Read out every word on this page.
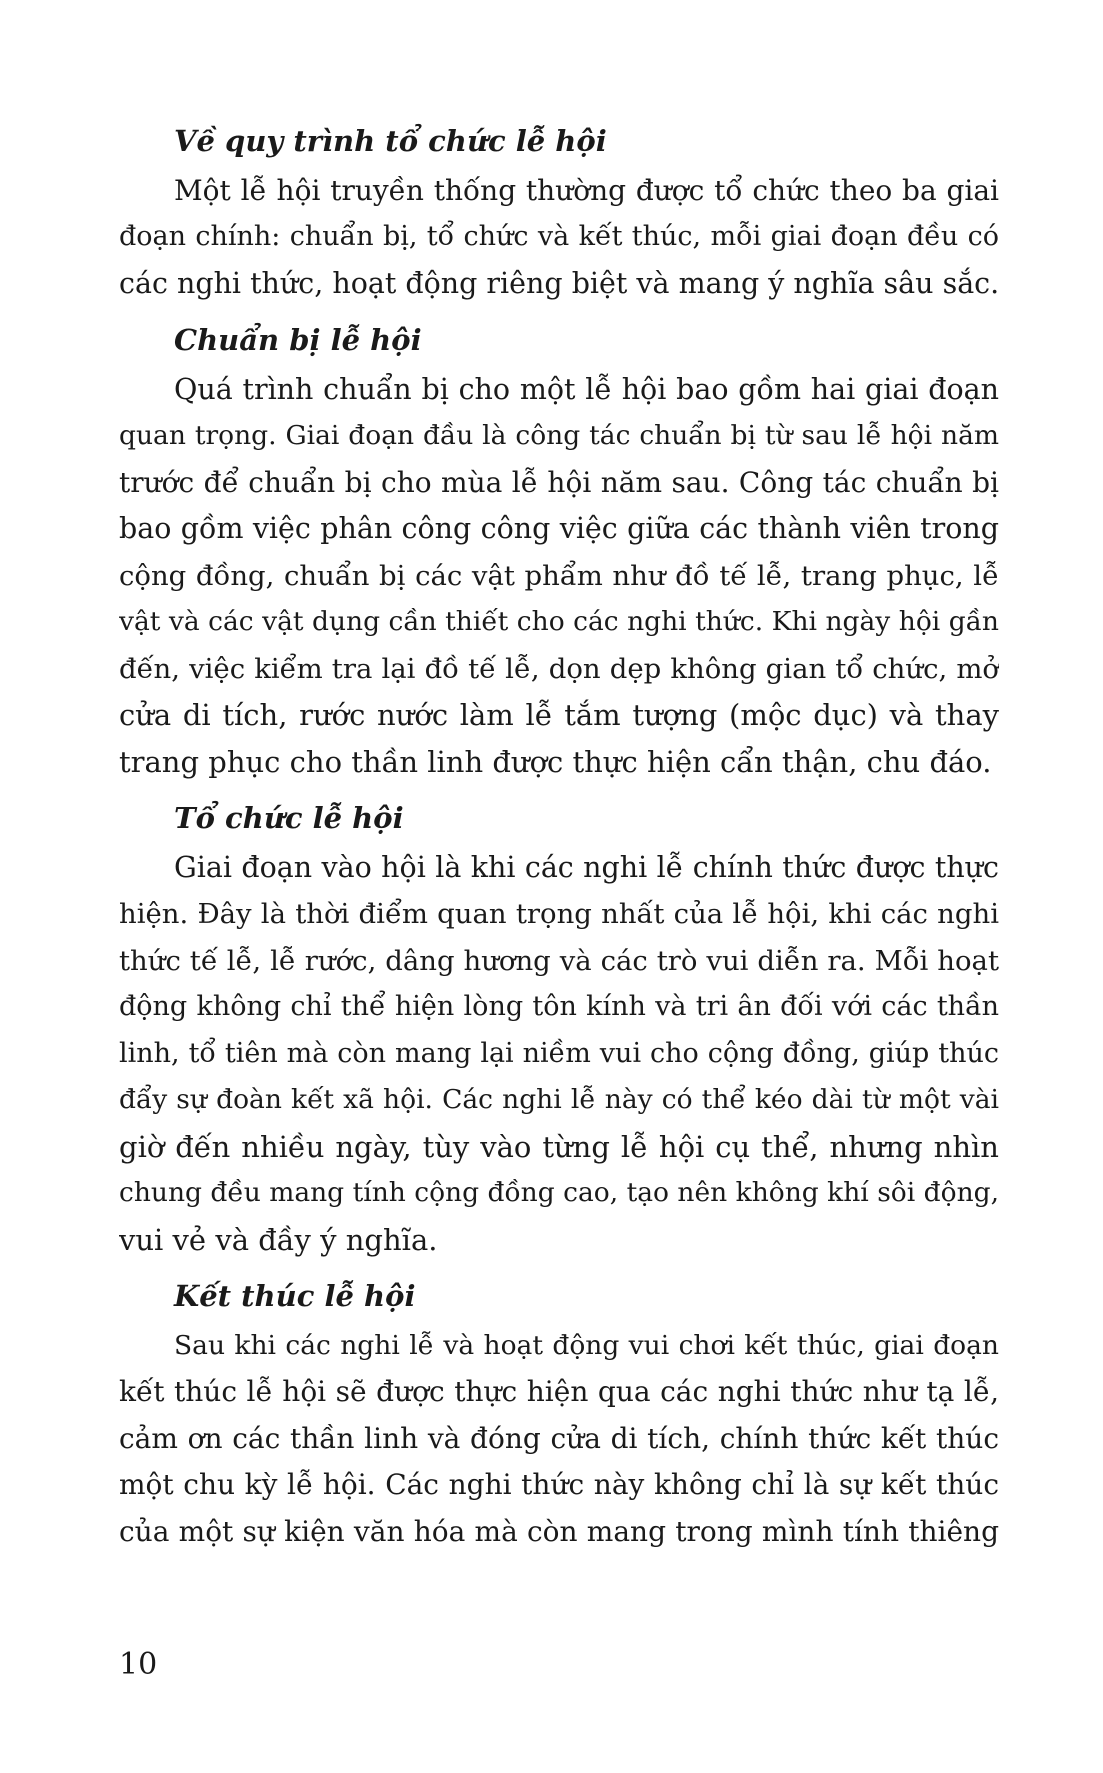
Về quy trình tổ chức lễ hội
Một lễ hội truyền thống thường được tổ chức theo ba giai
đoạn chính: chuẩn bị, tổ chức và kết thúc, mỗi giai đoạn đều có
các nghi thức, hoạt động riêng biệt và mang ý nghĩa sâu sắc.
Chuẩn bị lễ hội
Quá trình chuẩn bị cho một lễ hội bao gồm hai giai đoạn
quan trọng. Giai đoạn đầu là công tác chuẩn bị từ sau lễ hội năm
trước để chuẩn bị cho mùa lễ hội năm sau. Công tác chuẩn bị
bao gồm việc phân công công việc giữa các thành viên trong
cộng đồng, chuẩn bị các vật phẩm như đồ tế lễ, trang phục, lễ
vật và các vật dụng cần thiết cho các nghi thức. Khi ngày hội gần
đến, việc kiểm tra lại đồ tế lễ, dọn dẹp không gian tổ chức, mở
cửa di tích, rước nước làm lễ tắm tượng (mộc dục) và thay
trang phục cho thần linh được thực hiện cẩn thận, chu đáo.
Tổ chức lễ hội
Giai đoạn vào hội là khi các nghi lễ chính thức được thực
hiện. Đây là thời điểm quan trọng nhất của lễ hội, khi các nghi
thức tế lễ, lễ rước, dâng hương và các trò vui diễn ra. Mỗi hoạt
động không chỉ thể hiện lòng tôn kính và tri ân đối với các thần
linh, tổ tiên mà còn mang lại niềm vui cho cộng đồng, giúp thúc
đẩy sự đoàn kết xã hội. Các nghi lễ này có thể kéo dài từ một vài
giờ đến nhiều ngày, tùy vào từng lễ hội cụ thể, nhưng nhìn
chung đều mang tính cộng đồng cao, tạo nên không khí sôi động,
vui vẻ và đầy ý nghĩa.
Kết thúc lễ hội
Sau khi các nghi lễ và hoạt động vui chơi kết thúc, giai đoạn
kết thúc lễ hội sẽ được thực hiện qua các nghi thức như tạ lễ,
cảm ơn các thần linh và đóng cửa di tích, chính thức kết thúc
một chu kỳ lễ hội. Các nghi thức này không chỉ là sự kết thúc
của một sự kiện văn hóa mà còn mang trong mình tính thiêng
10
